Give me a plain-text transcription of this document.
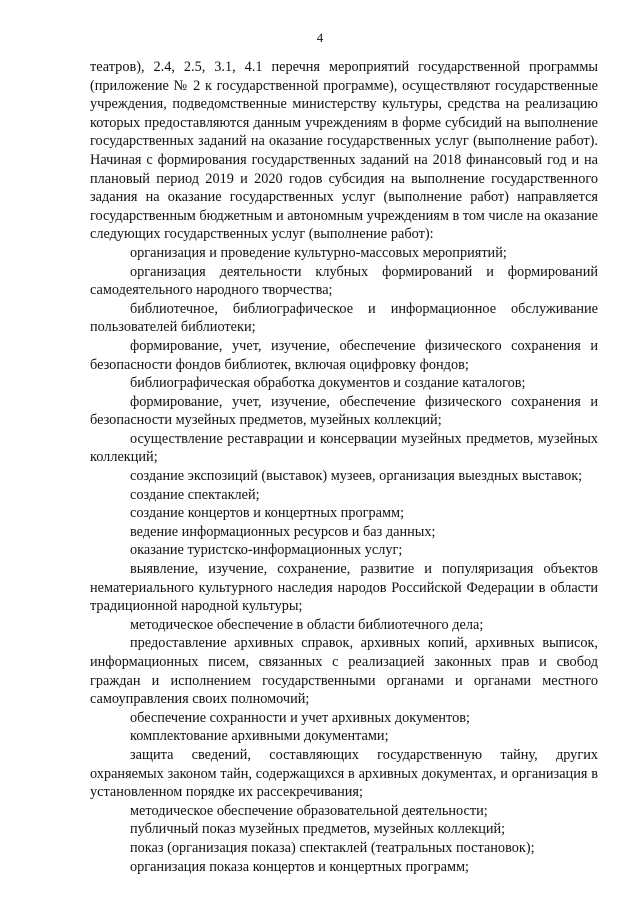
4

театров), 2.4, 2.5, 3.1, 4.1 перечня мероприятий государственной программы (приложение № 2 к государственной программе), осуществляют государственные учреждения, подведомственные министерству культуры, средства на реализацию которых предоставляются данным учреждениям в форме субсидий на выполнение государственных заданий на оказание государственных услуг (выполнение работ). Начиная с формирования государственных заданий на 2018 финансовый год и на плановый период 2019 и 2020 годов субсидия на выполнение государственного задания на оказание государственных услуг (выполнение работ) направляется государственным бюджетным и автономным учреждениям в том числе на оказание следующих государственных услуг (выполнение работ):

организация и проведение культурно-массовых мероприятий;

организация деятельности клубных формирований и формирований самодеятельного народного творчества;

библиотечное, библиографическое и информационное обслуживание пользователей библиотеки;

формирование, учет, изучение, обеспечение физического сохранения и безопасности фондов библиотек, включая оцифровку фондов;

библиографическая обработка документов и создание каталогов;

формирование, учет, изучение, обеспечение физического сохранения и безопасности музейных предметов, музейных коллекций;

осуществление реставрации и консервации музейных предметов, музейных коллекций;

создание экспозиций (выставок) музеев, организация выездных выставок;

создание спектаклей;

создание концертов и концертных программ;

ведение информационных ресурсов и баз данных;

оказание туристско-информационных услуг;

выявление, изучение, сохранение, развитие и популяризация объектов нематериального культурного наследия народов Российской Федерации в области традиционной народной культуры;

методическое обеспечение в области библиотечного дела;

предоставление архивных справок, архивных копий, архивных выписок, информационных писем, связанных с реализацией законных прав и свобод граждан и исполнением государственными органами и органами местного самоуправления своих полномочий;

обеспечение сохранности и учет архивных документов;

комплектование архивными документами;

защита сведений, составляющих государственную тайну, других охраняемых законом тайн, содержащихся в архивных документах, и организация в установленном порядке их рассекречивания;

методическое обеспечение образовательной деятельности;

публичный показ музейных предметов, музейных коллекций;

показ (организация показа) спектаклей (театральных постановок);

организация показа концертов и концертных программ;
